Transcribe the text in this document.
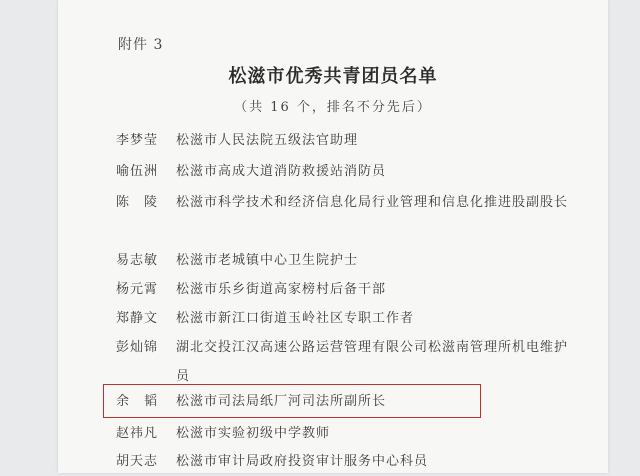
附件 3
松滋市优秀共青团员名单
（共 16 个，排名不分先后）
李梦莹	松滋市人民法院五级法官助理
喻伍洲	松滋市高成大道消防救援站消防员
陈　陵	松滋市科学技术和经济信息化局行业管理和信息化推进股副股长
易志敏	松滋市老城镇中心卫生院护士
杨元霄	松滋市乐乡街道高家榜村后备干部
郑静文	松滋市新江口街道玉岭社区专职工作者
彭灿锦	湖北交投江汉高速公路运营管理有限公司松滋南管理所机电维护员
余　韬	松滋市司法局纸厂河司法所副所长
赵祎凡	松滋市实验初级中学教师
胡天志	松滋市审计局政府投资审计服务中心科员
